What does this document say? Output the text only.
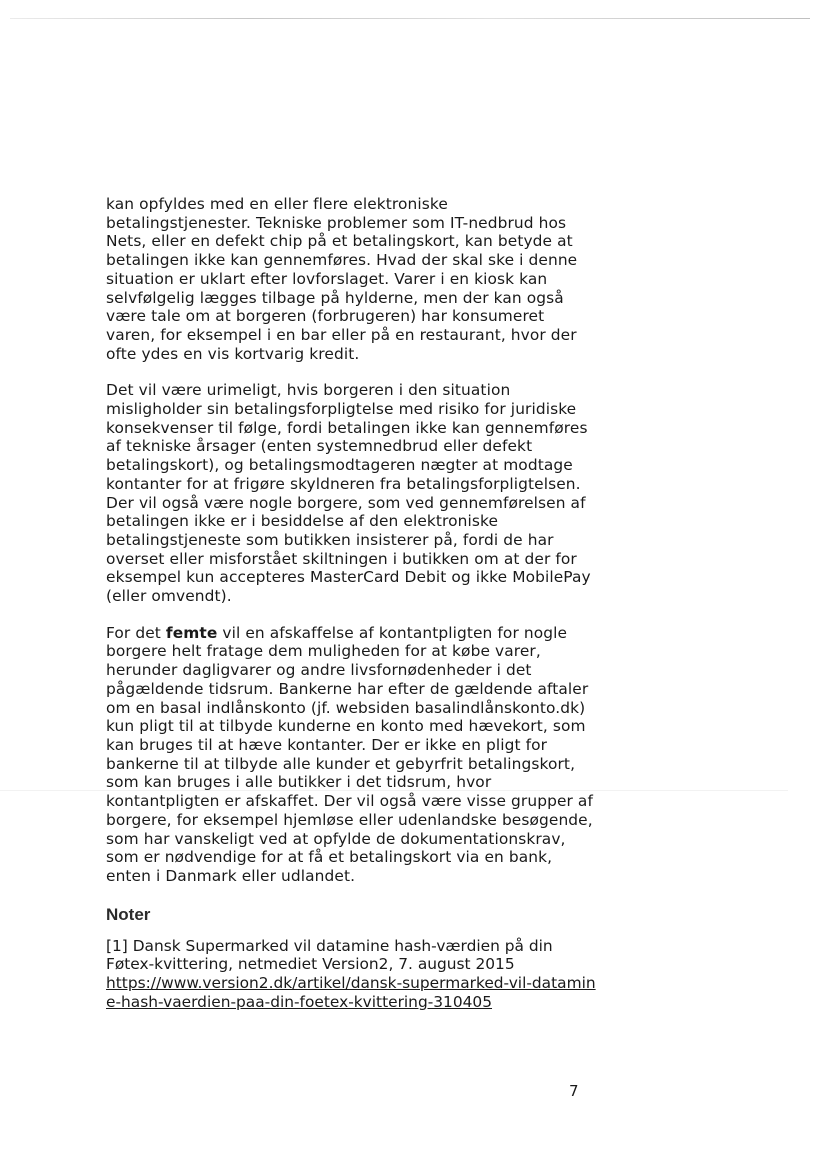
kan opfyldes med en eller flere elektroniske betalingstjenester. Tekniske problemer som IT-nedbrud hos Nets, eller en defekt chip på et betalingskort, kan betyde at betalingen ikke kan gennemføres. Hvad der skal ske i denne situation er uklart efter lovforslaget. Varer i en kiosk kan selvfølgelig lægges tilbage på hylderne, men der kan også være tale om at borgeren (forbrugeren) har konsumeret varen, for eksempel i en bar eller på en restaurant, hvor der ofte ydes en vis kortvarig kredit.

Det vil være urimeligt, hvis borgeren i den situation misligholder sin betalingsforpligtelse med risiko for juridiske konsekvenser til følge, fordi betalingen ikke kan gennemføres af tekniske årsager (enten systemnedbrud eller defekt betalingskort), og betalingsmodtageren nægter at modtage kontanter for at frigøre skyldneren fra betalingsforpligtelsen. Der vil også være nogle borgere, som ved gennemførelsen af betalingen ikke er i besiddelse af den elektroniske betalingstjeneste som butikken insisterer på, fordi de har overset eller misforstået skiltningen i butikken om at der for eksempel kun accepteres MasterCard Debit og ikke MobilePay (eller omvendt).

For det femte vil en afskaffelse af kontantpligten for nogle borgere helt fratage dem muligheden for at købe varer, herunder dagligvarer og andre livsfornødenheder i det pågældende tidsrum. Bankerne har efter de gældende aftaler om en basal indlånskonto (jf. websiden basalindlånskonto.dk) kun pligt til at tilbyde kunderne en konto med hævekort, som kan bruges til at hæve kontanter. Der er ikke en pligt for bankerne til at tilbyde alle kunder et gebyrfrit betalingskort, som kan bruges i alle butikker i det tidsrum, hvor kontantpligten er afskaffet. Der vil også være visse grupper af borgere, for eksempel hjemløse eller udenlandske besøgende, som har vanskeligt ved at opfylde de dokumentationskrav, som er nødvendige for at få et betalingskort via en bank, enten i Danmark eller udlandet.

Noter

[1] Dansk Supermarked vil datamine hash-værdien på din Føtex-kvittering, netmediet Version2, 7. august 2015
https://www.version2.dk/artikel/dansk-supermarked-vil-datamine-hash-vaerdien-paa-din-foetex-kvittering-310405

7
